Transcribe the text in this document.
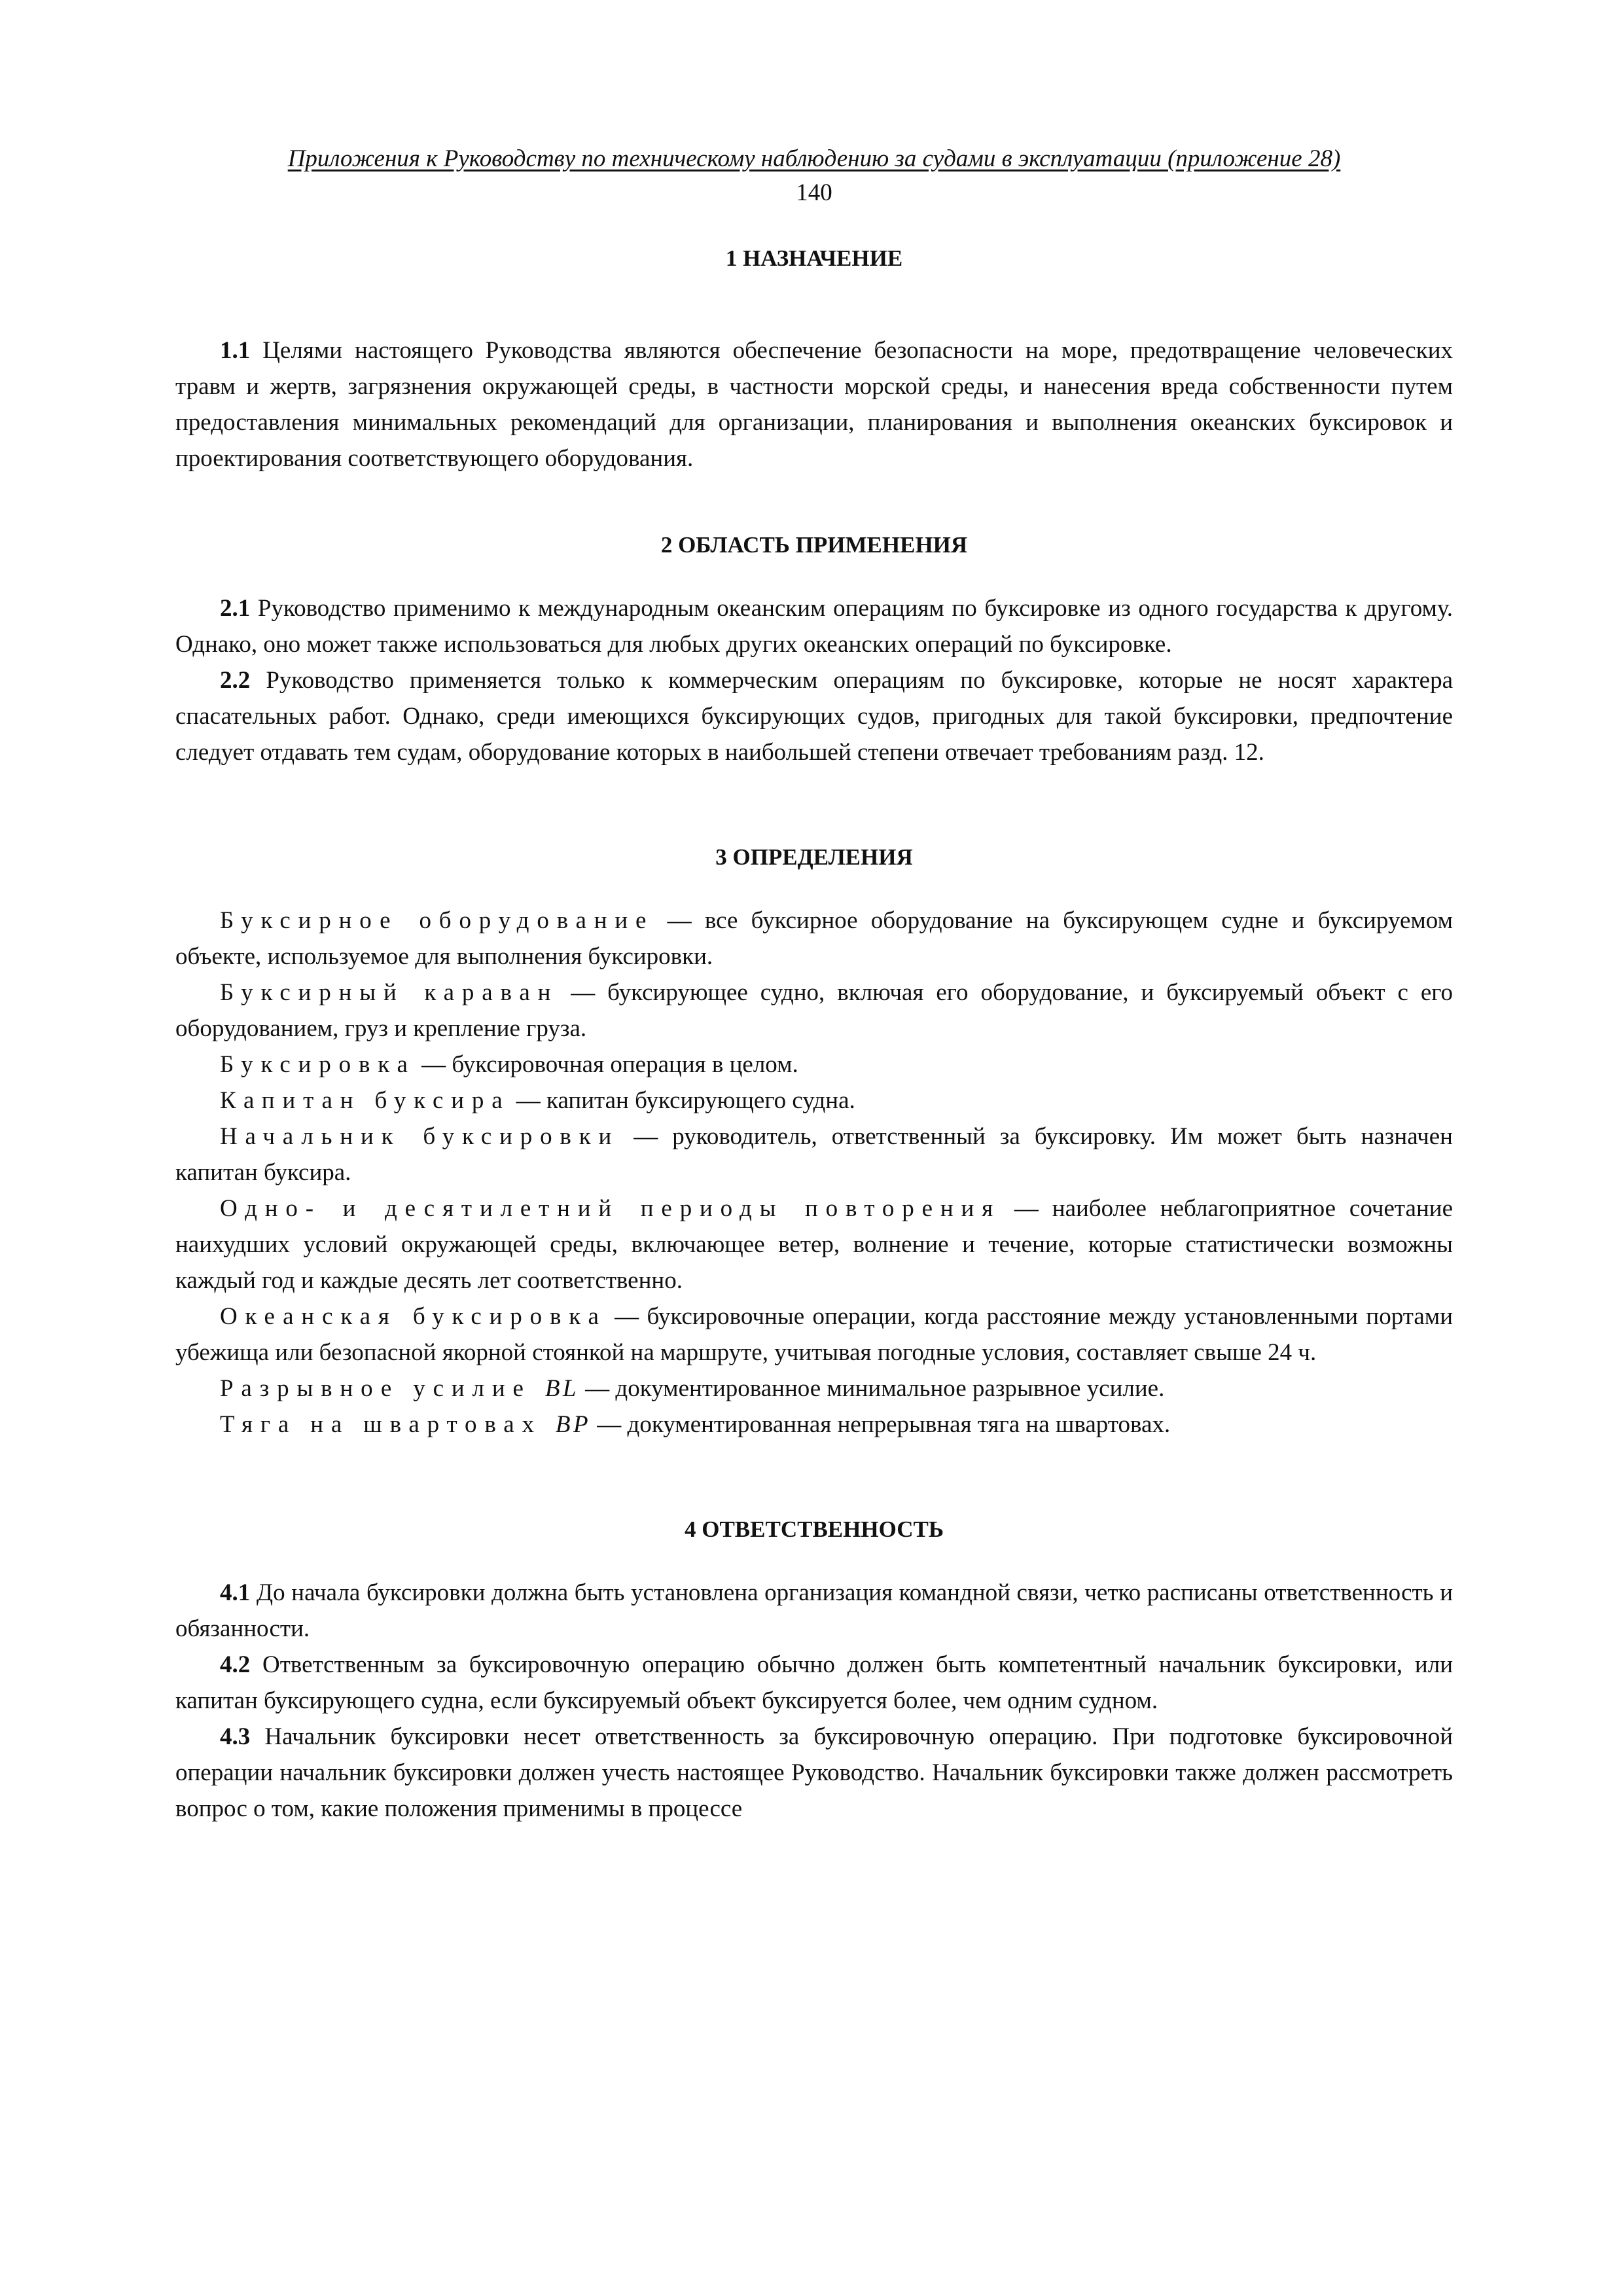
Приложения к Руководству по техническому наблюдению за судами в эксплуатации (приложение 28)
140
1 НАЗНАЧЕНИЕ

1.1 Целями настоящего Руководства являются обеспечение безопасности на море, предотвращение человеческих травм и жертв, загрязнения окружающей среды, в частности морской среды, и нанесения вреда собственности путем предоставления минимальных рекомендаций для организации, планирования и выполнения океанских буксировок и проектирования соответствующего оборудования.

2 ОБЛАСТЬ ПРИМЕНЕНИЯ

2.1 Руководство применимо к международным океанским операциям по буксировке из одного государства к другому. Однако, оно может также использоваться для любых других океанских операций по буксировке.

2.2 Руководство применяется только к коммерческим операциям по буксировке, которые не носят характера спасательных работ. Однако, среди имеющихся буксирующих судов, пригодных для такой буксировки, предпочтение следует отдавать тем судам, оборудование которых в наибольшей степени отвечает требованиям разд. 12.

3 ОПРЕДЕЛЕНИЯ

Буксирное оборудование — все буксирное оборудование на буксирующем судне и буксируемом объекте, используемое для выполнения буксировки.

Буксирный караван — буксирующее судно, включая его оборудование, и буксируемый объект с его оборудованием, груз и крепление груза.

Буксировка — буксировочная операция в целом.

Капитан буксира — капитан буксирующего судна.

Начальник буксировки — руководитель, ответственный за буксировку. Им может быть назначен капитан буксира.

Одно- и десятилетний периоды повторения — наиболее неблагоприятное сочетание наихудших условий окружающей среды, включающее ветер, волнение и течение, которые статистически возможны каждый год и каждые десять лет соответственно.

Океанская буксировка — буксировочные операции, когда расстояние между установленными портами убежища или безопасной якорной стоянкой на маршруте, учитывая погодные условия, составляет свыше 24 ч.

Разрывное усилие BL — документированное минимальное разрывное усилие.

Тяга на швартовах BP — документированная непрерывная тяга на швартовах.

4 ОТВЕТСТВЕННОСТЬ

4.1 До начала буксировки должна быть установлена организация командной связи, четко расписаны ответственность и обязанности.

4.2 Ответственным за буксировочную операцию обычно должен быть компетентный начальник буксировки, или капитан буксирующего судна, если буксируемый объект буксируется более, чем одним судном.

4.3 Начальник буксировки несет ответственность за буксировочную операцию. При подготовке буксировочной операции начальник буксировки должен учесть настоящее Руководство. Начальник буксировки также должен рассмотреть вопрос о том, какие положения применимы в процессе
